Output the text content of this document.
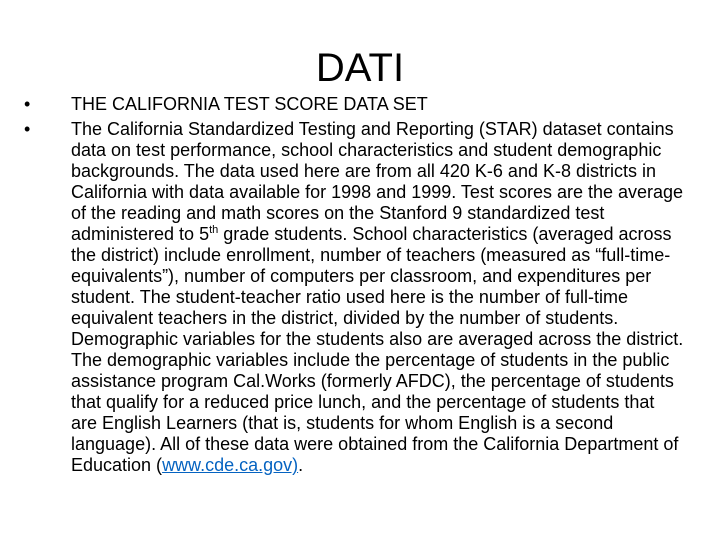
DATI
•	THE CALIFORNIA TEST SCORE DATA SET
•	The California Standardized Testing and Reporting (STAR) dataset contains data on test performance, school characteristics and student demographic backgrounds. The data used here are from all 420 K-6 and K-8 districts in California with data available for 1998 and 1999. Test scores are the average of the reading and math scores on the Stanford 9 standardized test administered to 5th grade students. School characteristics (averaged across the district) include enrollment, number of teachers (measured as “full-time-equivalents”), number of computers per classroom, and expenditures per student. The student-teacher ratio used here is the number of full-time equivalent teachers in the district, divided by the number of students. Demographic variables for the students also are averaged across the district. The demographic variables include the percentage of students in the public assistance program Cal.Works (formerly AFDC), the percentage of students that qualify for a reduced price lunch, and the percentage of students that are English Learners (that is, students for whom English is a second language). All of these data were obtained from the California Department of Education (www.cde.ca.gov).
